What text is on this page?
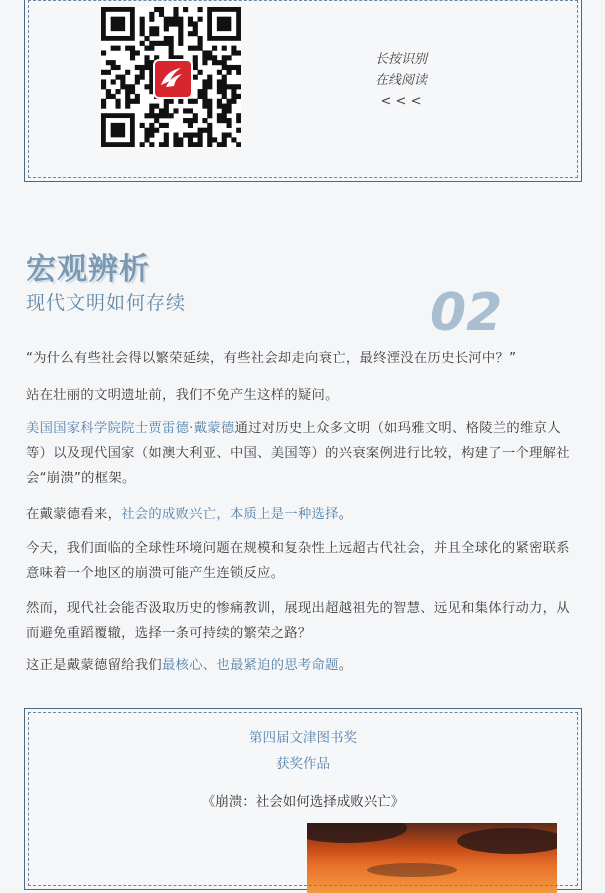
长按识别
在线阅读
< < <
宏观辨析
现代文明如何存续	02
“为什么有些社会得以繁荣延续，有些社会却走向衰亡，最终湮没在历史长河中？”
站在壮丽的文明遗址前，我们不免产生这样的疑问。
美国国家科学院院士贾雷德·戴蒙德通过对历史上众多文明（如玛雅文明、格陵兰的维京人等）以及现代国家（如澳大利亚、中国、美国等）的兴衰案例进行比较，构建了一个理解社会“崩溃”的框架。
在戴蒙德看来，社会的成败兴亡，本质上是一种选择。
今天，我们面临的全球性环境问题在规模和复杂性上远超古代社会，并且全球化的紧密联系意味着一个地区的崩溃可能产生连锁反应。
然而，现代社会能否汲取历史的惨痛教训，展现出超越祖先的智慧、远见和集体行动力，从而避免重蹈覆辙，选择一条可持续的繁荣之路？
这正是戴蒙德留给我们最核心、也最紧迫的思考命题。
第四届文津图书奖
获奖作品
《崩溃：社会如何选择成败兴亡》
